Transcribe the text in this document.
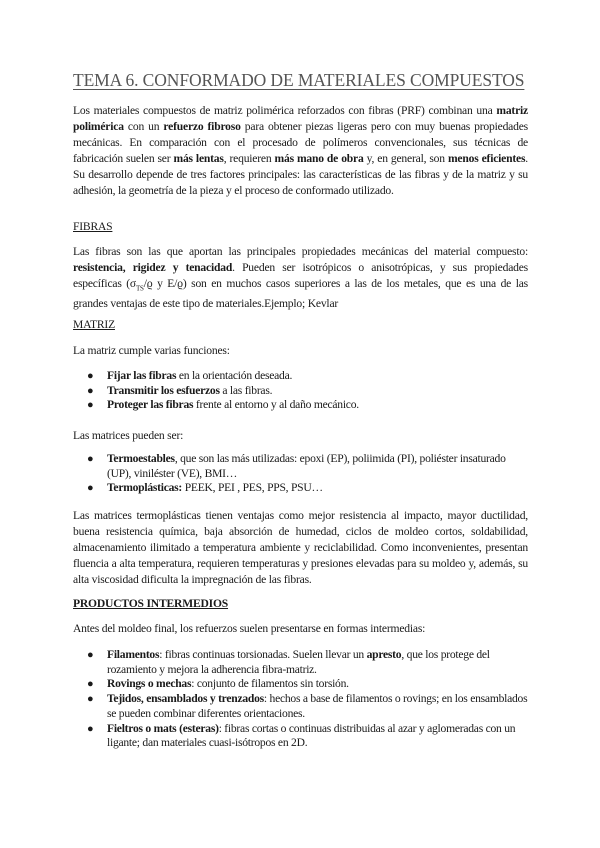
TEMA 6. CONFORMADO DE MATERIALES COMPUESTOS
Los materiales compuestos de matriz polimérica reforzados con fibras (PRF) combinan una matriz polimérica con un refuerzo fibroso para obtener piezas ligeras pero con muy buenas propiedades mecánicas. En comparación con el procesado de polímeros convencionales, sus técnicas de fabricación suelen ser más lentas, requieren más mano de obra y, en general, son menos eficientes. Su desarrollo depende de tres factores principales: las características de las fibras y de la matriz y su adhesión, la geometría de la pieza y el proceso de conformado utilizado.
FIBRAS
Las fibras son las que aportan las principales propiedades mecánicas del material compuesto: resistencia, rigidez y tenacidad. Pueden ser isotrópicos o anisotrópicas, y sus propiedades específicas ($\sigma_{TS}/ϱ$ y E/ϱ) son en muchos casos superiores a las de los metales, que es una de las grandes ventajas de este tipo de materiales.Ejemplo; Kevlar
MATRIZ
La matriz cumple varias funciones:
● Fijar las fibras en la orientación deseada.
● Transmitir los esfuerzos a las fibras.
● Proteger las fibras frente al entorno y al daño mecánico.
Las matrices pueden ser:
● Termoestables, que son las más utilizadas: epoxi (EP), poliimida (PI), poliéster insaturado (UP), viniléster (VE), BMI…
● Termoplásticas: PEEK, PEI , PES, PPS, PSU…
Las matrices termoplásticas tienen ventajas como mejor resistencia al impacto, mayor ductilidad, buena resistencia química, baja absorción de humedad, ciclos de moldeo cortos, soldabilidad, almacenamiento ilimitado a temperatura ambiente y reciclabilidad. Como inconvenientes, presentan fluencia a alta temperatura, requieren temperaturas y presiones elevadas para su moldeo y, además, su alta viscosidad dificulta la impregnación de las fibras.
PRODUCTOS INTERMEDIOS
Antes del moldeo final, los refuerzos suelen presentarse en formas intermedias:
● Filamentos: fibras continuas torsionadas. Suelen llevar un apresto, que los protege del rozamiento y mejora la adherencia fibra-matriz.
● Rovings o mechas: conjunto de filamentos sin torsión.
● Tejidos, ensamblados y trenzados: hechos a base de filamentos o rovings; en los ensamblados se pueden combinar diferentes orientaciones.
● Fieltros o mats (esteras): fibras cortas o continuas distribuidas al azar y aglomeradas con un ligante; dan materiales cuasi-isótropos en 2D.
